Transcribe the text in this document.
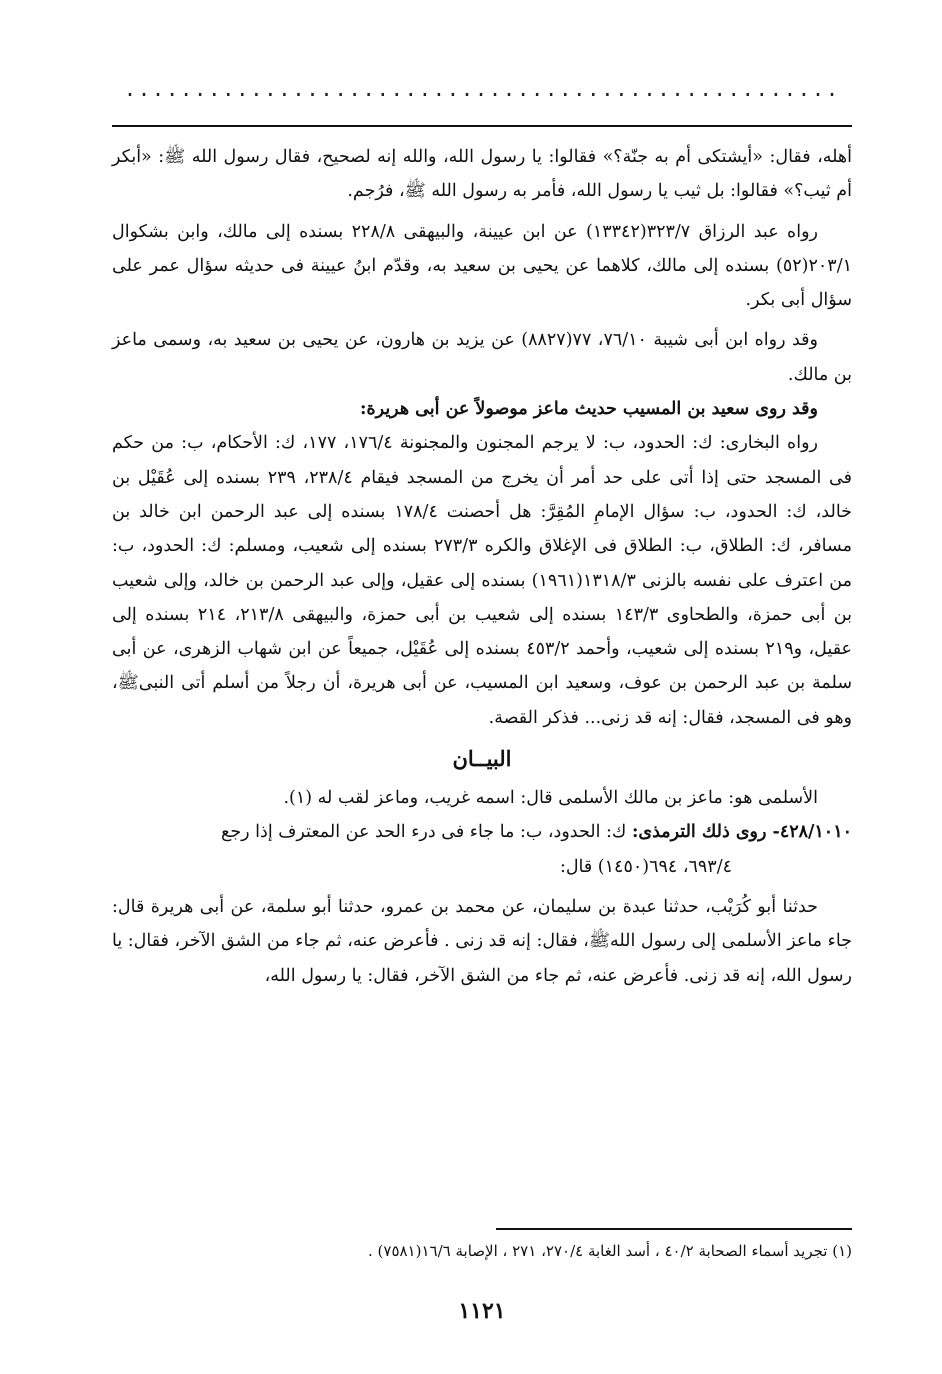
...................................................

أهله، فقال: «أيشتكى أم به جنّة؟» فقالوا: يا رسول الله، والله إنه لصحيح، فقال رسول الله ﷺ: «أبكر أم ثيب؟» فقالوا: بل ثيب يا رسول الله، فأمر به رسول الله ﷺ، فرُجم.

رواه عبد الرزاق ٣٢٣/٧(١٣٣٤٢) عن ابن عيينة، والبيهقى ٢٢٨/٨ بسنده إلى مالك، وابن بشكوال ٢٠٣/١(٥٢) بسنده إلى مالك، كلاهما عن يحيى بن سعيد به، وقدّم ابنُ عيينة فى حديثه سؤال عمر على سؤال أبى بكر.

وقد رواه ابن أبى شيبة ٧٦/١٠، ٧٧(٨٨٢٧) عن يزيد بن هارون، عن يحيى بن سعيد به، وسمى ماعز بن مالك.

وقد روى سعيد بن المسيب حديث ماعز موصولاً عن أبى هريرة:

رواه البخارى: ك: الحدود، ب: لا يرجم المجنون والمجنونة ١٧٦/٤، ١٧٧، ك: الأحكام، ب: من حكم فى المسجد حتى إذا أتى على حد أمر أن يخرج من المسجد فيقام ٢٣٨/٤، ٢٣٩ بسنده إلى عُقَيْل بن خالد، ك: الحدود، ب: سؤال الإمامِ المُقِرَّ: هل أحصنت ١٧٨/٤ بسنده إلى عبد الرحمن ابن خالد بن مسافر، ك: الطلاق، ب: الطلاق فى الإغلاق والكره ٢٧٣/٣ بسنده إلى شعيب، ومسلم: ك: الحدود، ب: من اعترف على نفسه بالزنى ١٣١٨/٣(١٩٦١) بسنده إلى عقيل، وإلى عبد الرحمن بن خالد، وإلى شعيب بن أبى حمزة، والطحاوى ١٤٣/٣ بسنده إلى شعيب بن أبى حمزة، والبيهقى ٢١٣/٨، ٢١٤ بسنده إلى عقيل، و٢١٩ بسنده إلى شعيب، وأحمد ٤٥٣/٢ بسنده إلى عُقَيْل، جميعاً عن ابن شهاب الزهرى، عن أبى سلمة بن عبد الرحمن بن عوف، وسعيد ابن المسيب، عن أبى هريرة، أن رجلاً من أسلم أتى النبىﷺ، وهو فى المسجد، فقال: إنه قد زنى... فذكر القصة.

البيــان

الأسلمى هو: ماعز بن مالك الأسلمى قال: اسمه غريب، وماعز لقب له (١).

٤٢٨/١٠١٠- روى ذلك الترمذى: ك: الحدود، ب: ما جاء فى درء الحد عن المعترف إذا رجع
٦٩٣/٤، ٦٩٤(١٤٥٠) قال:

حدثنا أبو كُرَيْب، حدثنا عبدة بن سليمان، عن محمد بن عمرو، حدثنا أبو سلمة، عن أبى هريرة قال: جاء ماعز الأسلمى إلى رسول اللهﷺ، فقال: إنه قد زنى . فأعرض عنه، ثم جاء من الشق الآخر، فقال: يا رسول الله، إنه قد زنى. فأعرض عنه، ثم جاء من الشق الآخر، فقال: يا رسول الله،

(١) تجريد أسماء الصحابة ٤٠/٢ ، أسد الغابة ٢٧٠/٤، ٢٧١ ، الإصابة ١٦/٦(٧٥٨١) .
١١٢١
